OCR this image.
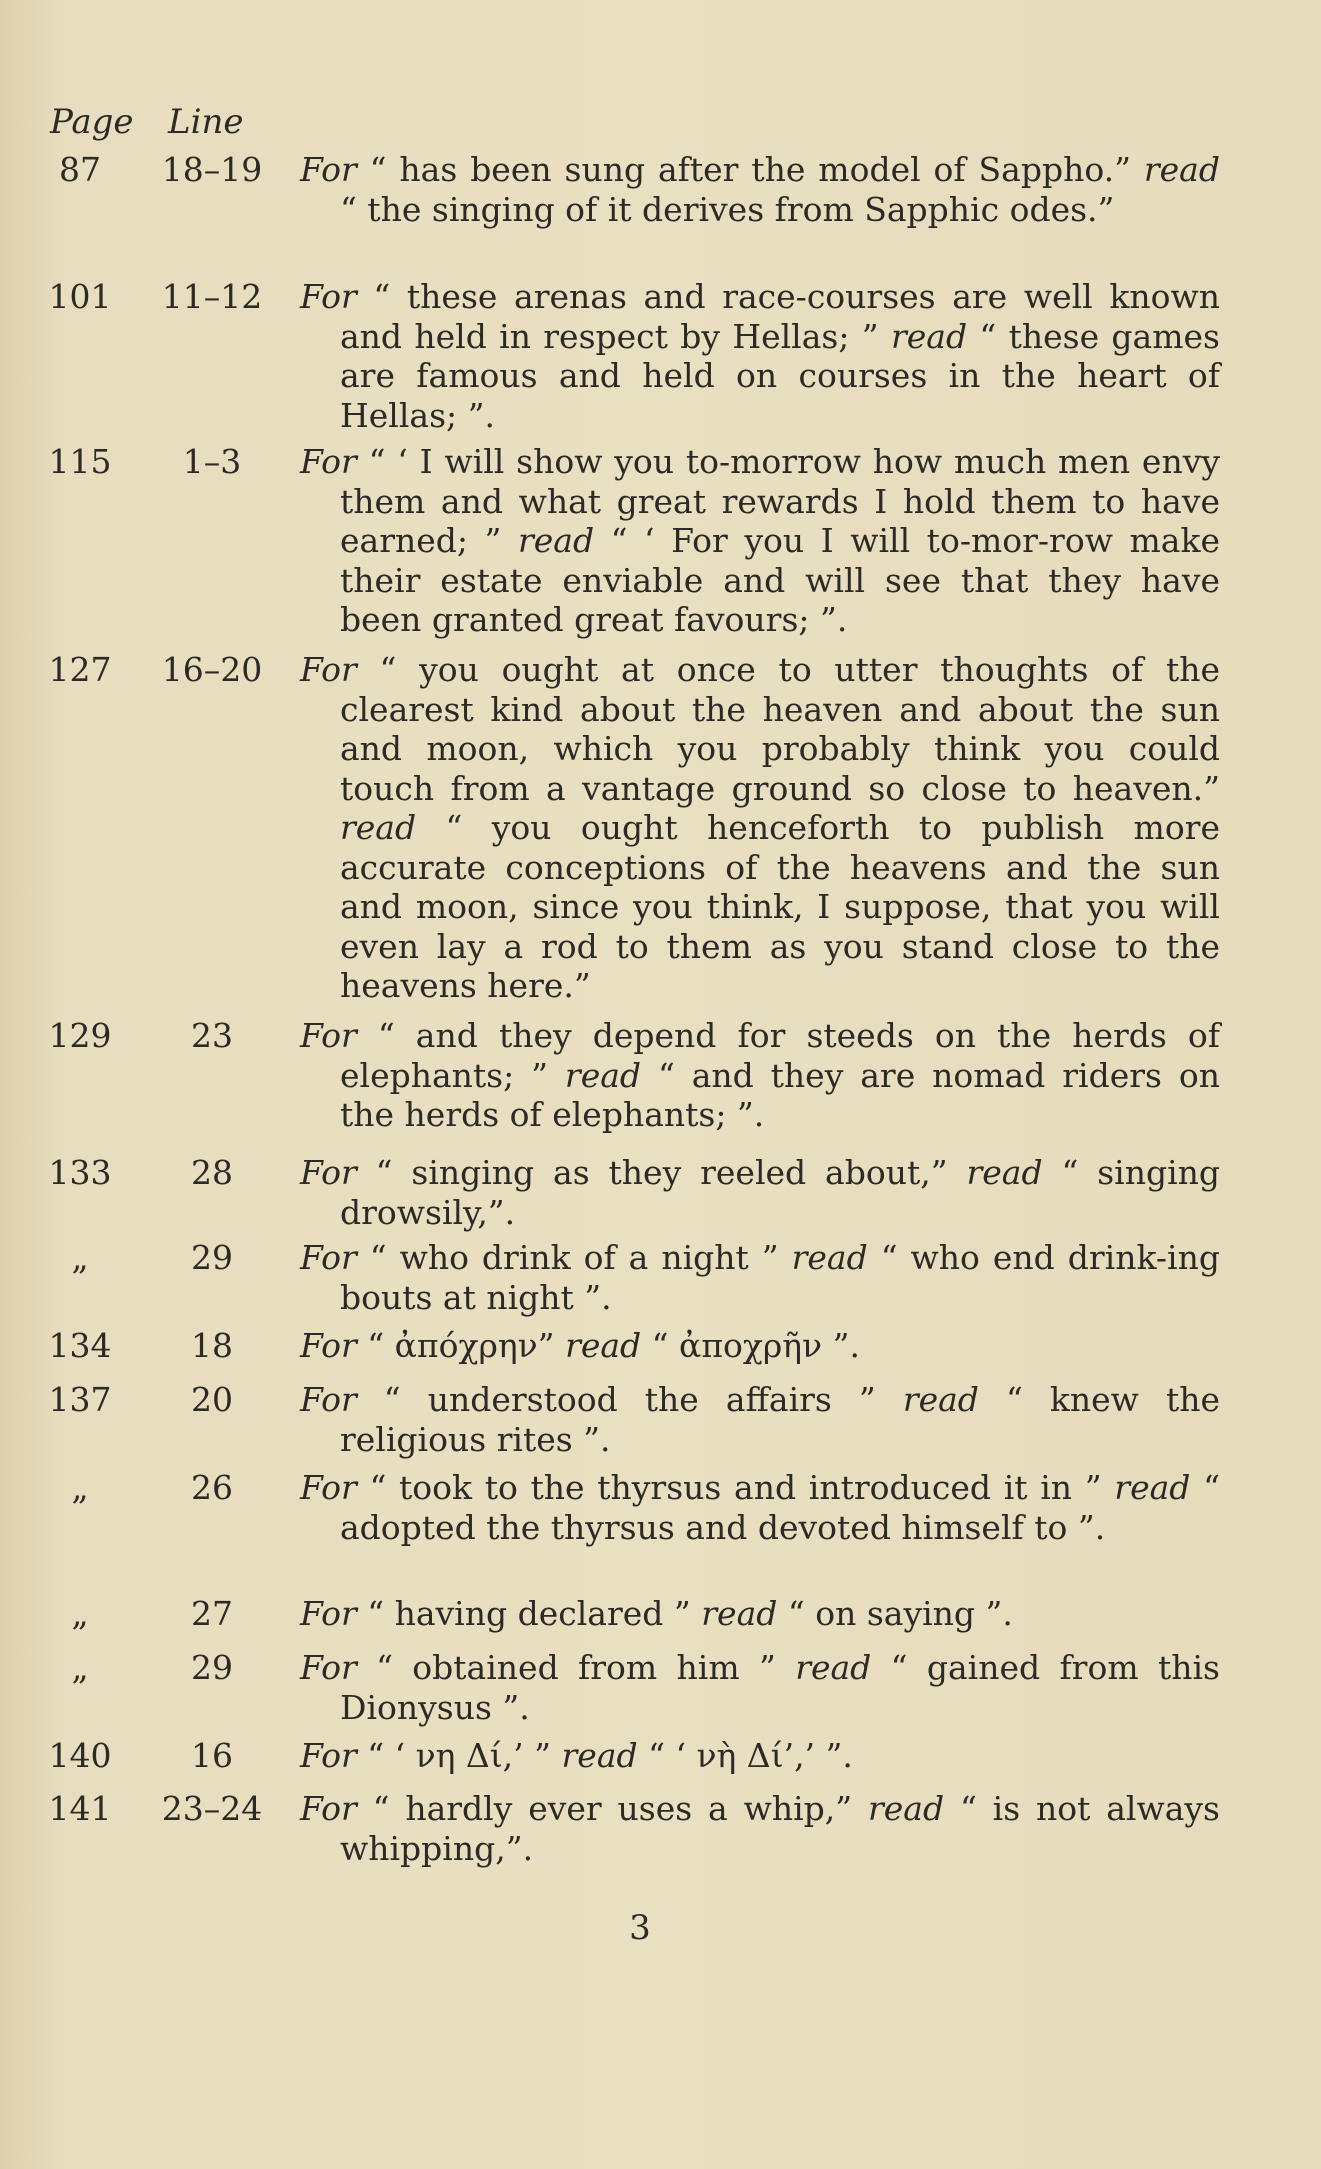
Page Line
87	18–19 For “ has been sung after the model of Sappho.” read “ the singing of it derives from Sapphic odes.”
101 11–12 For “ these arenas and race-courses are well known and held in respect by Hellas; ” read “ these games are famous and held on courses in the heart of Hellas; ”.
115	1–3	For “ ‘ I will show you to-morrow how much men envy them and what great rewards I hold them to have earned; ” read “ ‘ For you I will to-mor-row make their estate enviable and will see that they have been granted great favours; ”.
127 16–20 For “ you ought at once to utter thoughts of the clearest kind about the heaven and about the sun and moon, which you probably think you could touch from a vantage ground so close to heaven.” read “ you ought henceforth to publish more accurate conceptions of the heavens and the sun and moon, since you think, I suppose, that you will even lay a rod to them as you stand close to the heavens here.”
129	23	For “ and they depend for steeds on the herds of elephants; ” read “ and they are nomad riders on the herds of elephants; ”.
133	28	For “ singing as they reeled about,” read “ singing drowsily,”.
„	29	For “ who drink of a night ” read “ who end drink-ing bouts at night ”.
134	18	For “ ἀπόχρην” read “ ἀποχρῆν ”.
137	20	For “ understood the affairs ” read “ knew the religious rites ”.
„	26	For “ took to the thyrsus and introduced it in ” read “ adopted the thyrsus and devoted himself to ”.
„	27	For “ having declared ” read “ on saying ”.
„	29	For “ obtained from him ” read “ gained from this Dionysus ”.
140	16	For “ ‘ νη Δί,’ ” read “ ‘ νὴ Δί’,’ ”.
141 23–24 For “ hardly ever uses a whip,” read “ is not always whipping,”.
3
